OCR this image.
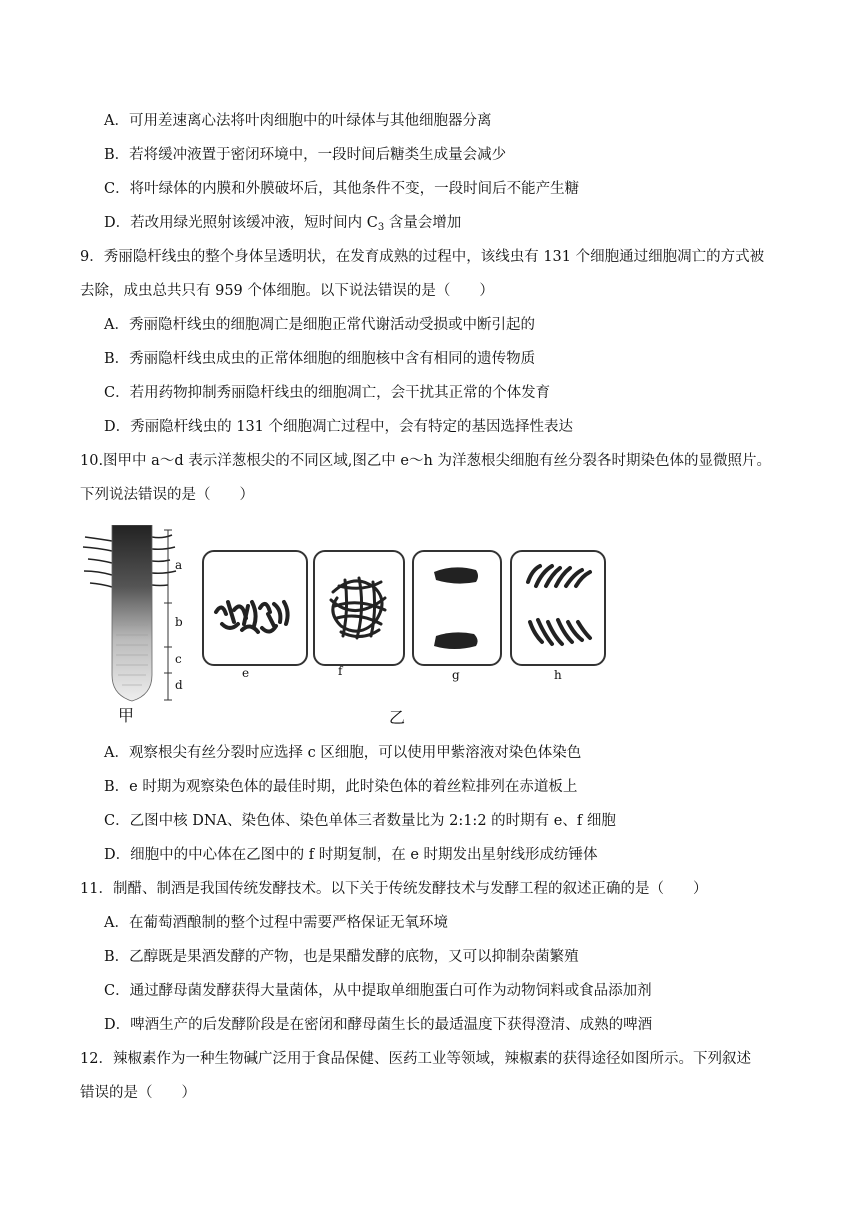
A．可用差速离心法将叶肉细胞中的叶绿体与其他细胞器分离
B．若将缓冲液置于密闭环境中，一段时间后糖类生成量会减少
C．将叶绿体的内膜和外膜破坏后，其他条件不变，一段时间后不能产生糖
D．若改用绿光照射该缓冲液，短时间内 $C_3$ 含量会增加
9．秀丽隐杆线虫的整个身体呈透明状，在发育成熟的过程中，该线虫有 131 个细胞通过细胞凋亡的方式被
去除，成虫总共只有 959 个体细胞。以下说法错误的是（　　）
A．秀丽隐杆线虫的细胞凋亡是细胞正常代谢活动受损或中断引起的
B．秀丽隐杆线虫成虫的正常体细胞的细胞核中含有相同的遗传物质
C．若用药物抑制秀丽隐杆线虫的细胞凋亡，会干扰其正常的个体发育
D．秀丽隐杆线虫的 131 个细胞凋亡过程中，会有特定的基因选择性表达
10.图甲中 a～d 表示洋葱根尖的不同区域,图乙中 e～h 为洋葱根尖细胞有丝分裂各时期染色体的显微照片。
下列说法错误的是（　　）
a
b
c
d
e	f	g	h
甲	乙
A．观察根尖有丝分裂时应选择 c 区细胞，可以使用甲紫溶液对染色体染色
B．e 时期为观察染色体的最佳时期，此时染色体的着丝粒排列在赤道板上
C．乙图中核 DNA、染色体、染色单体三者数量比为 2:1:2 的时期有 e、f 细胞
D．细胞中的中心体在乙图中的 f 时期复制，在 e 时期发出星射线形成纺锤体
11．制醋、制酒是我国传统发酵技术。以下关于传统发酵技术与发酵工程的叙述正确的是（　　）
A．在葡萄酒酿制的整个过程中需要严格保证无氧环境
B．乙醇既是果酒发酵的产物，也是果醋发酵的底物，又可以抑制杂菌繁殖
C．通过酵母菌发酵获得大量菌体，从中提取单细胞蛋白可作为动物饲料或食品添加剂
D．啤酒生产的后发酵阶段是在密闭和酵母菌生长的最适温度下获得澄清、成熟的啤酒
12．辣椒素作为一种生物碱广泛用于食品保健、医药工业等领域，辣椒素的获得途径如图所示。下列叙述
错误的是（　　）
